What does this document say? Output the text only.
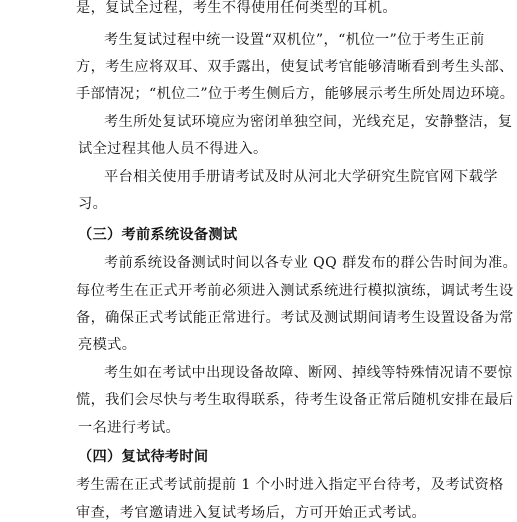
是，复试全过程，考生不得使用任何类型的耳机。
考生复试过程中统一设置“双机位”，“机位一”位于考生正前
方，考生应将双耳、双手露出，使复试考官能够清晰看到考生头部、
手部情况；“机位二”位于考生侧后方，能够展示考生所处周边环境。
考生所处复试环境应为密闭单独空间，光线充足，安静整洁，复
试全过程其他人员不得进入。
平台相关使用手册请考试及时从河北大学研究生院官网下载学
习。
（三）考前系统设备测试
考前系统设备测试时间以各专业 QQ 群发布的群公告时间为准。
每位考生在正式开考前必须进入测试系统进行模拟演练，调试考生设
备，确保正式考试能正常进行。考试及测试期间请考生设置设备为常
亮模式。
考生如在考试中出现设备故障、断网、掉线等特殊情况请不要惊
慌，我们会尽快与考生取得联系，待考生设备正常后随机安排在最后
一名进行考试。
（四）复试待考时间
考生需在正式考试前提前 1 个小时进入指定平台待考，及考试资格
审查，考官邀请进入复试考场后，方可开始正式考试。
